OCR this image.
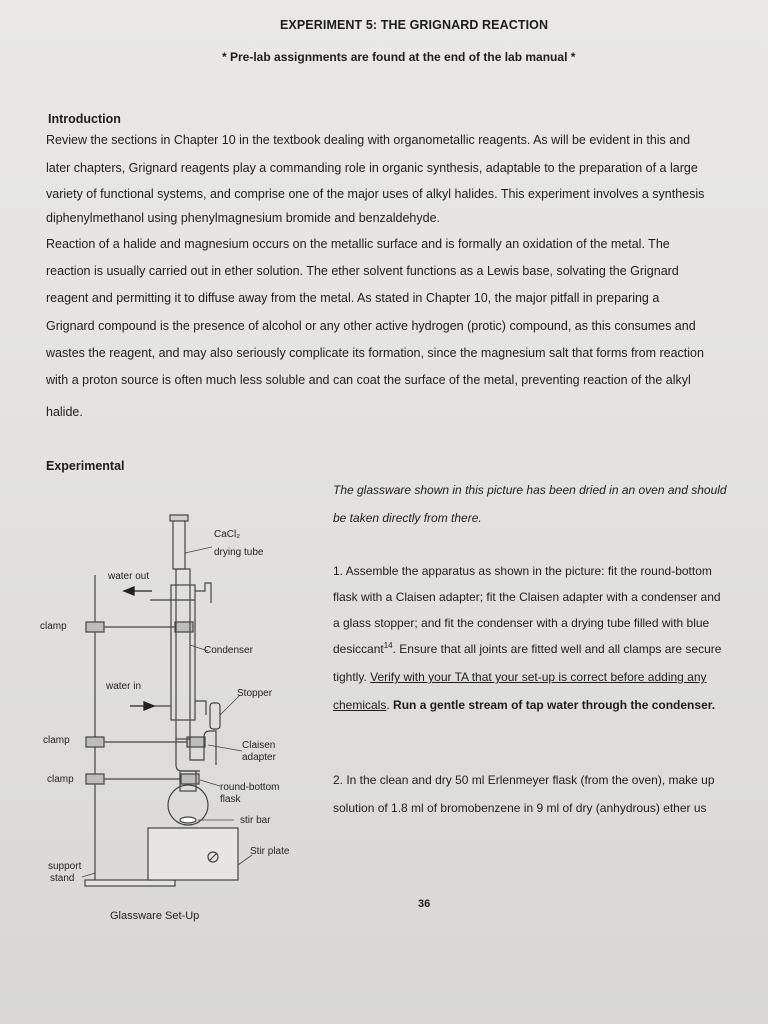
EXPERIMENT 5: THE GRIGNARD REACTION
* Pre-lab assignments are found at the end of the lab manual *
Introduction
Review the sections in Chapter 10 in the textbook dealing with organometallic reagents. As will be evident in this and
later chapters, Grignard reagents play a commanding role in organic synthesis, adaptable to the preparation of a large
variety of functional systems, and comprise one of the major uses of alkyl halides. This experiment involves a synthesis
diphenylmethanol using phenylmagnesium bromide and benzaldehyde.
Reaction of a halide and magnesium occurs on the metallic surface and is formally an oxidation of the metal. The
reaction is usually carried out in ether solution. The ether solvent functions as a Lewis base, solvating the Grignard
reagent and permitting it to diffuse away from the metal. As stated in Chapter 10, the major pitfall in preparing a
Grignard compound is the presence of alcohol or any other active hydrogen (protic) compound, as this consumes and
wastes the reagent, and may also seriously complicate its formation, since the magnesium salt that forms from reaction
with a proton source is often much less soluble and can coat the surface of the metal, preventing reaction of the alkyl
halide.
Experimental
The glassware shown in this picture has been dried in an oven and should
be taken directly from there.
1. Assemble the apparatus as shown in the picture: fit the round-bottom
flask with a Claisen adapter; fit the Claisen adapter with a condenser and
a glass stopper; and fit the condenser with a drying tube filled with blue
desiccant$^{14}$. Ensure that all joints are fitted well and all clamps are secure
tightly. Verify with your TA that your set-up is correct before adding any
chemicals. Run a gentle stream of tap water through the condenser.
2. In the clean and dry 50 ml Erlenmeyer flask (from the oven), make up
solution of 1.8 ml of bromobenzene in 9 ml of dry (anhydrous) ether us
CaCl₂
drying tube
water out
clamp
Condenser
water in
Stopper
clamp	Claisen
adapter
clamp
round-bottom
flask
stir bar
Stir plate
support
stand
Glassware Set-Up
36
